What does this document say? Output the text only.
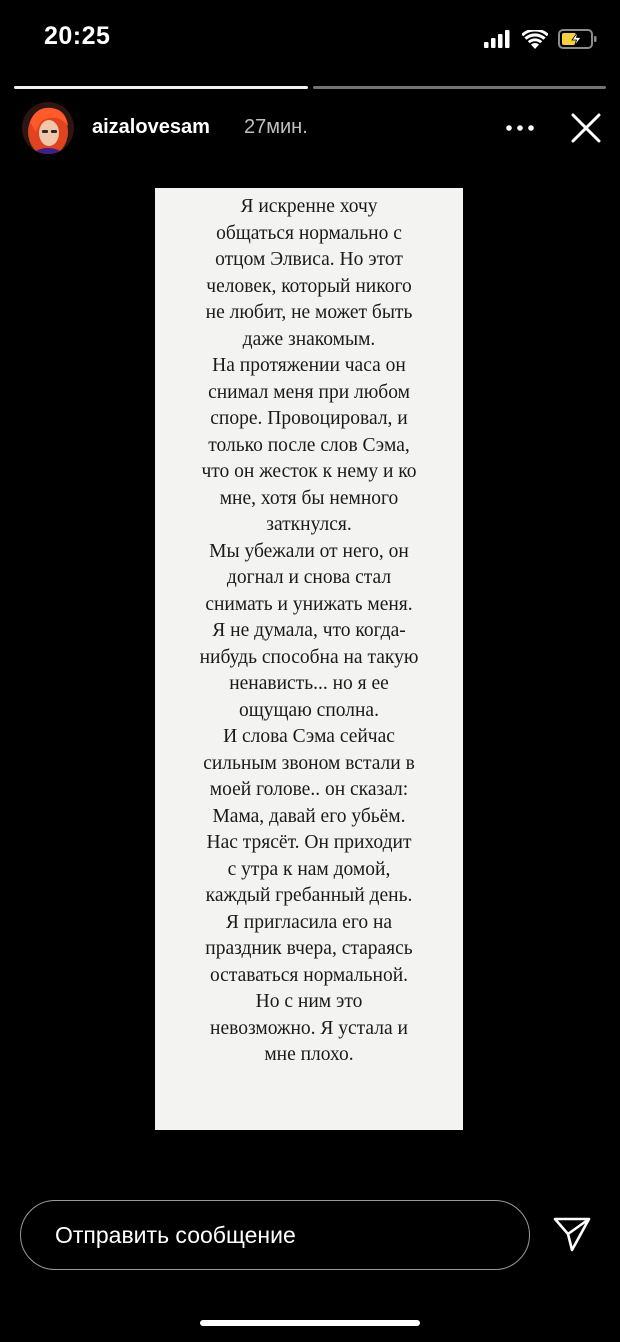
20:25
aizalovesam 27мин.

Я искренне хочу
общаться нормально с
отцом Элвиса. Но этот
человек, который никого
не любит, не может быть
даже знакомым.
На протяжении часа он
снимал меня при любом
споре. Провоцировал, и
только после слов Сэма,
что он жесток к нему и ко
мне, хотя бы немного
заткнулся.
Мы убежали от него, он
догнал и снова стал
снимать и унижать меня.
Я не думала, что когда-
нибудь способна на такую
ненависть... но я ее
ощущаю сполна.
И слова Сэма сейчас
сильным звоном встали в
моей голове.. он сказал:
Мама, давай его убьём.
Нас трясёт. Он приходит
с утра к нам домой,
каждый гребанный день.
Я пригласила его на
праздник вчера, стараясь
оставаться нормальной.
Но с ним это
невозможно. Я устала и
мне плохо.

Отправить сообщение
